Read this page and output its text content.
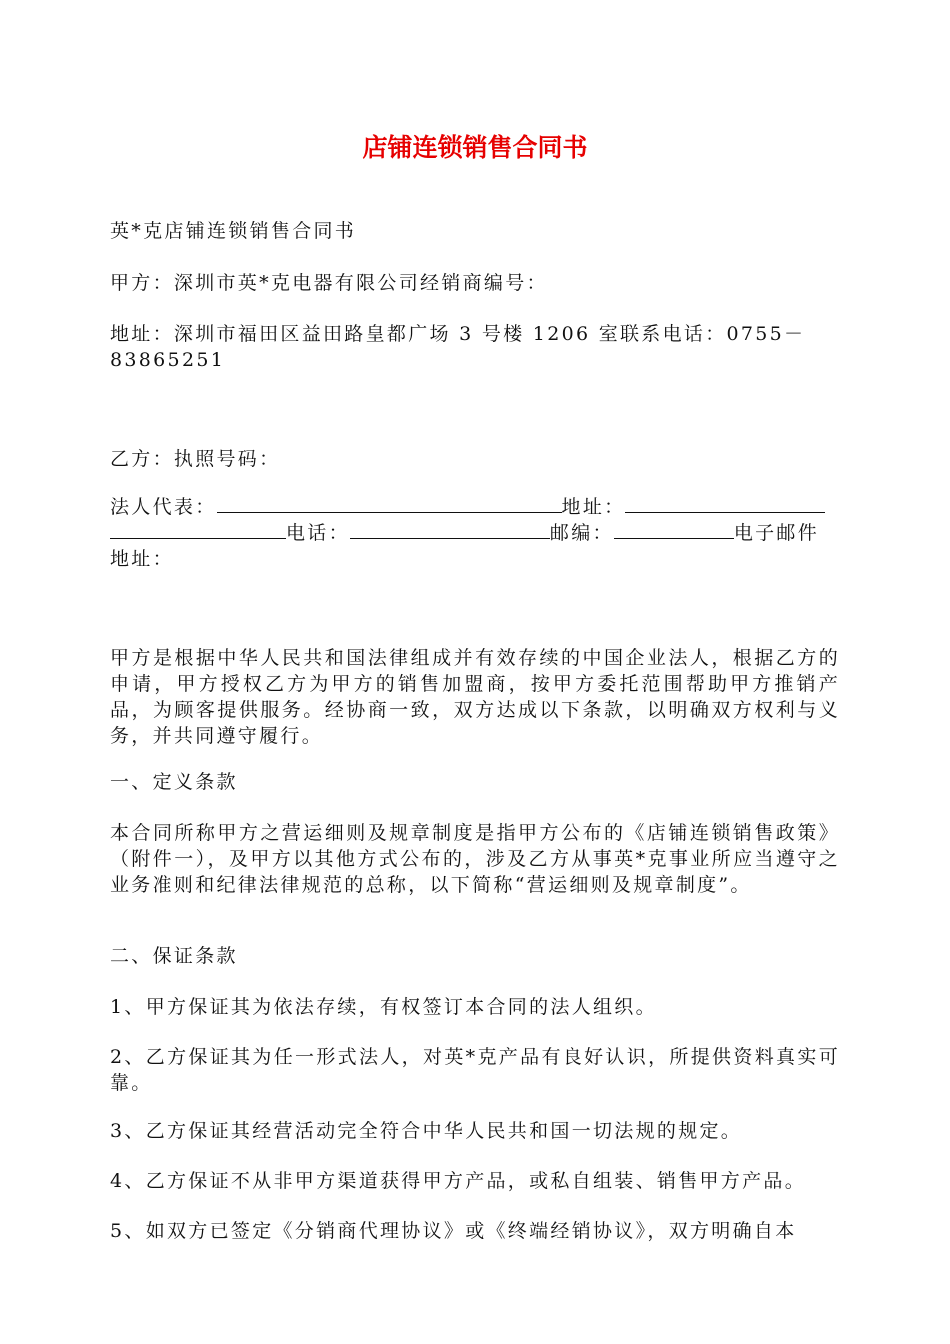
店铺连锁销售合同书

英*克店铺连锁销售合同书

甲方：深圳市英*克电器有限公司经销商编号：

地址：深圳市福田区益田路皇都广场 3 号楼 1206 室联系电话：0755－

83865251

乙方：执照号码：

法人代表：	地址：
电话：	邮编：	电子邮件

地址：

甲方是根据中华人民共和国法律组成并有效存续的中国企业法人，根据乙方的申请，甲方授权乙方为甲方的销售加盟商，按甲方委托范围帮助甲方推销产品，为顾客提供服务。经协商一致，双方达成以下条款，以明确双方权利与义务，并共同遵守履行。

一、定义条款

本合同所称甲方之营运细则及规章制度是指甲方公布的《店铺连锁销售政策》（附件一），及甲方以其他方式公布的，涉及乙方从事英*克事业所应当遵守之业务准则和纪律法律规范的总称，以下简称“营运细则及规章制度”。

二、保证条款

1、甲方保证其为依法存续，有权签订本合同的法人组织。

2、乙方保证其为任一形式法人，对英*克产品有良好认识，所提供资料真实可靠。

3、乙方保证其经营活动完全符合中华人民共和国一切法规的规定。

4、乙方保证不从非甲方渠道获得甲方产品，或私自组装、销售甲方产品。

5、如双方已签定《分销商代理协议》或《终端经销协议》，双方明确自本
